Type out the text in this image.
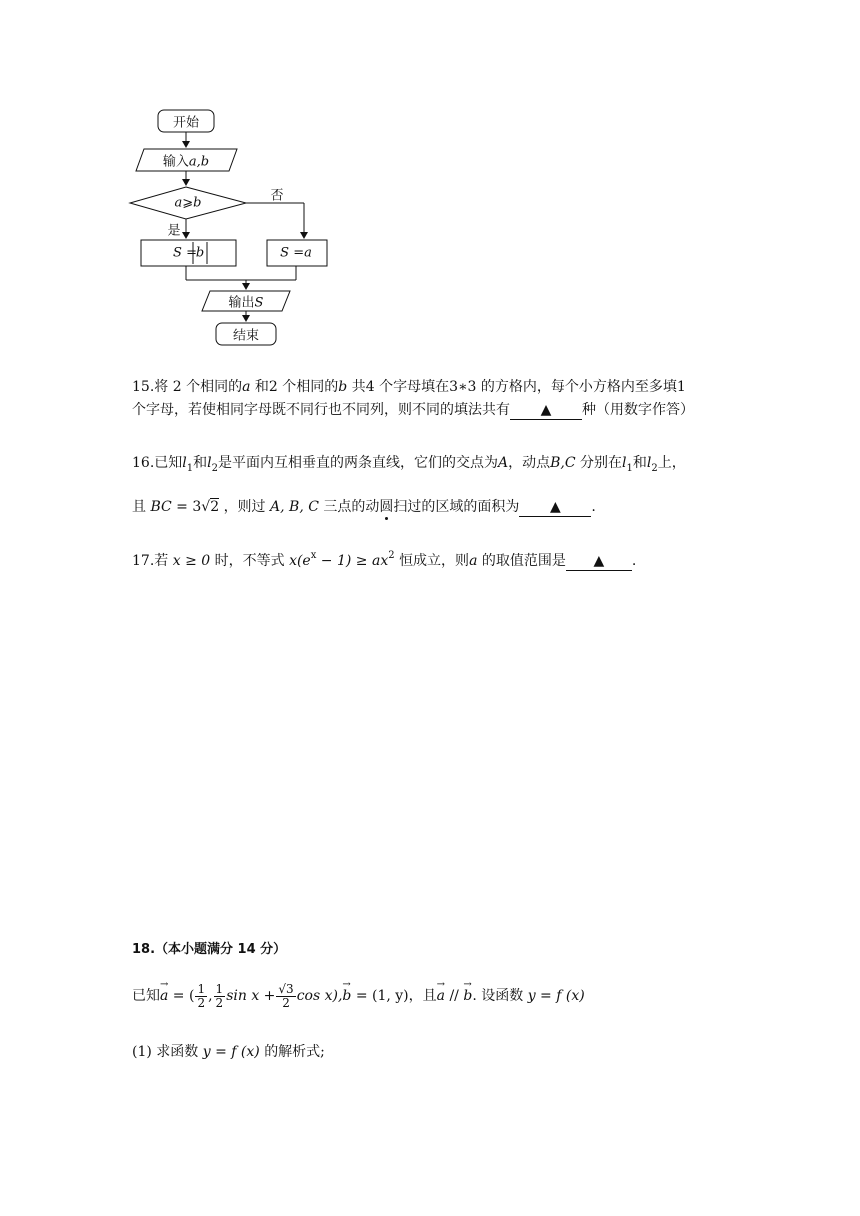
开始
输入a,b
a⩾b	否
是
S =
b	S =a
输出S
结束
15.将 2 个相同的a 和2 个相同的b 共4 个字母填在3∗3 的方格内，每个小方格内至多填1
个字母，若使相同字母既不同行也不同列，则不同的填法共有 ▲ 种（用数字作答）
16.已知$l_1$和$l_2$是平面内互相垂直的两条直线，它们的交点为A，动点B,C 分别在$l_1$和$l_2$上，
且 BC = 3√2 ，则过 A, B, C 三点的动圆扫过的区域的面积为 ▲ .
17.若 x ≥ 0 时，不等式 $x(e^x - 1) \ge ax^2$ 恒成立，则a 的取值范围是 ▲ .
18.（本小题满分 14 分）
已知→ a = ( $\frac{1}{2}$ , $\frac{1}{2}$ $\sin x + \frac{√3}{2}$ cos x),→ b = (1, y)，且→ a // → b. 设函数 y = f (x)
(1) 求函数 y = f (x) 的解析式;
